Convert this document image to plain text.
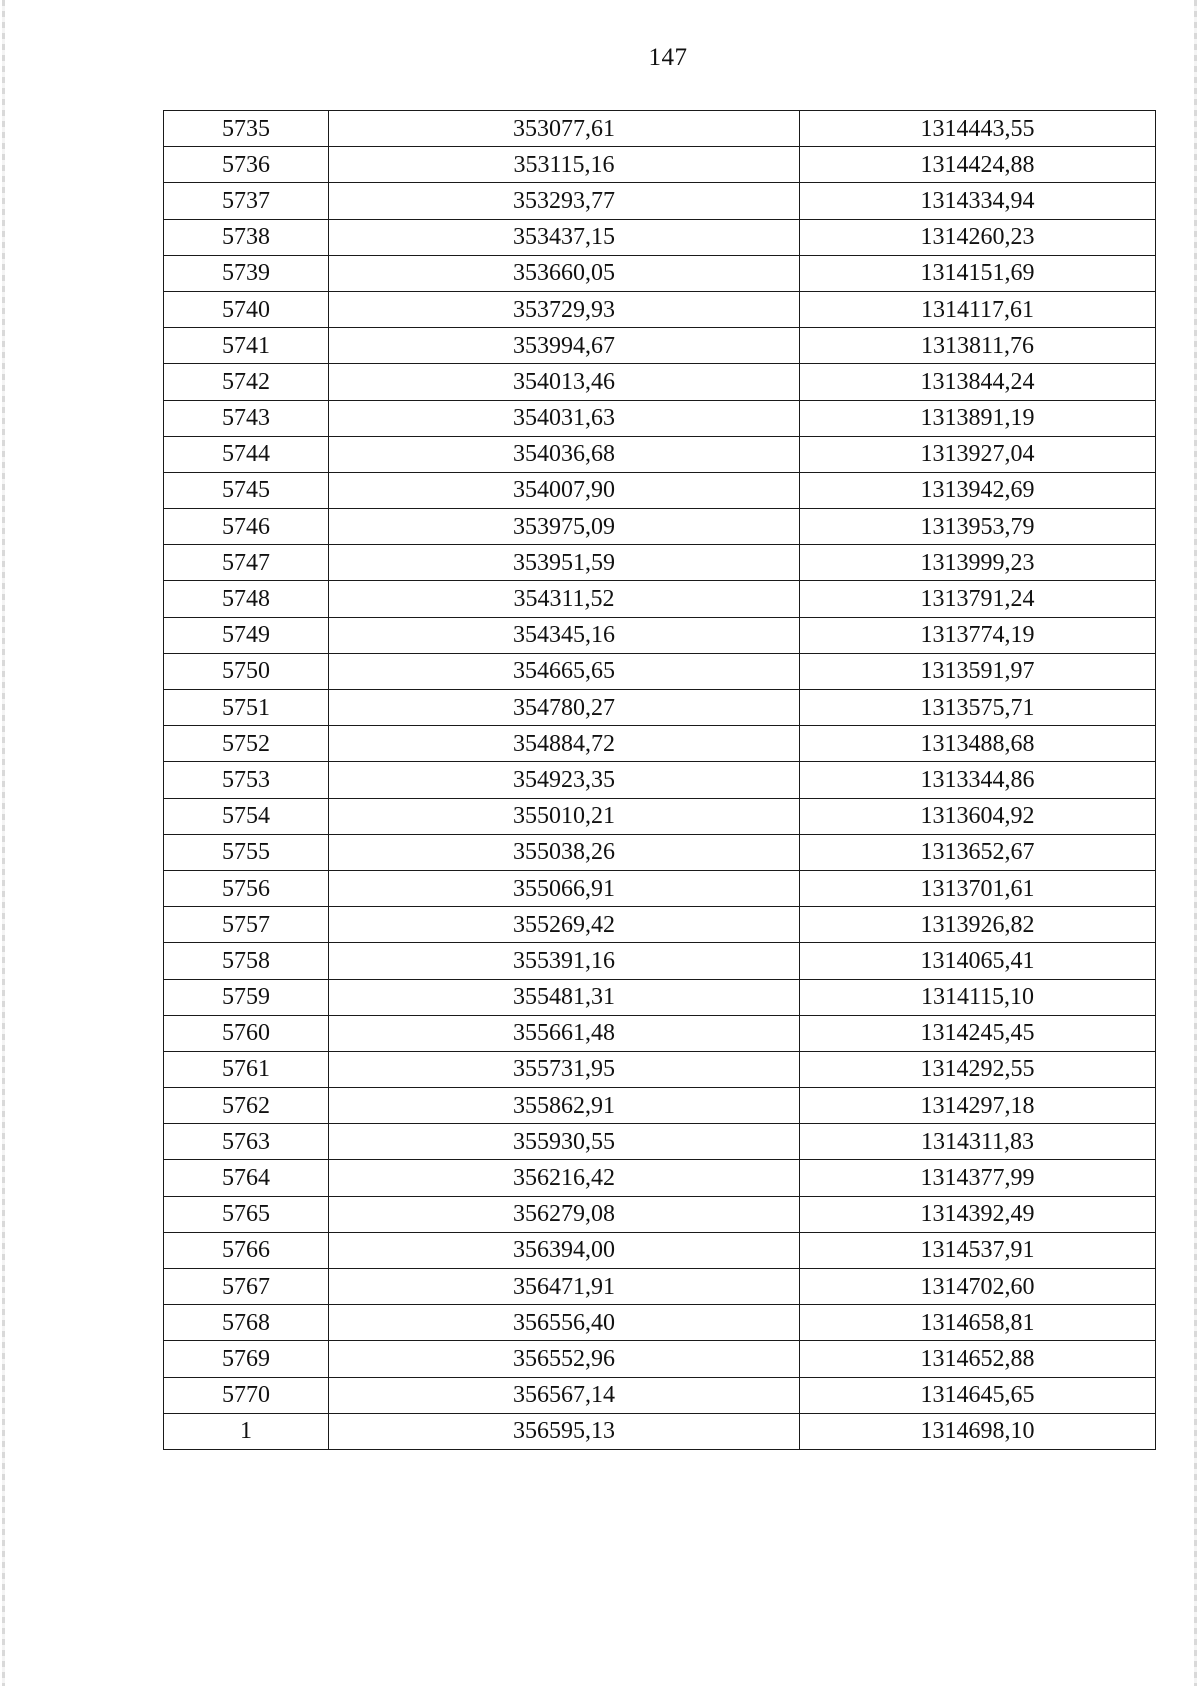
147
5735	353077,61	1314443,55
5736	353115,16	1314424,88
5737	353293,77	1314334,94
5738	353437,15	1314260,23
5739	353660,05	1314151,69
5740	353729,93	1314117,61
5741	353994,67	1313811,76
5742	354013,46	1313844,24
5743	354031,63	1313891,19
5744	354036,68	1313927,04
5745	354007,90	1313942,69
5746	353975,09	1313953,79
5747	353951,59	1313999,23
5748	354311,52	1313791,24
5749	354345,16	1313774,19
5750	354665,65	1313591,97
5751	354780,27	1313575,71
5752	354884,72	1313488,68
5753	354923,35	1313344,86
5754	355010,21	1313604,92
5755	355038,26	1313652,67
5756	355066,91	1313701,61
5757	355269,42	1313926,82
5758	355391,16	1314065,41
5759	355481,31	1314115,10
5760	355661,48	1314245,45
5761	355731,95	1314292,55
5762	355862,91	1314297,18
5763	355930,55	1314311,83
5764	356216,42	1314377,99
5765	356279,08	1314392,49
5766	356394,00	1314537,91
5767	356471,91	1314702,60
5768	356556,40	1314658,81
5769	356552,96	1314652,88
5770	356567,14	1314645,65
1	356595,13	1314698,10
